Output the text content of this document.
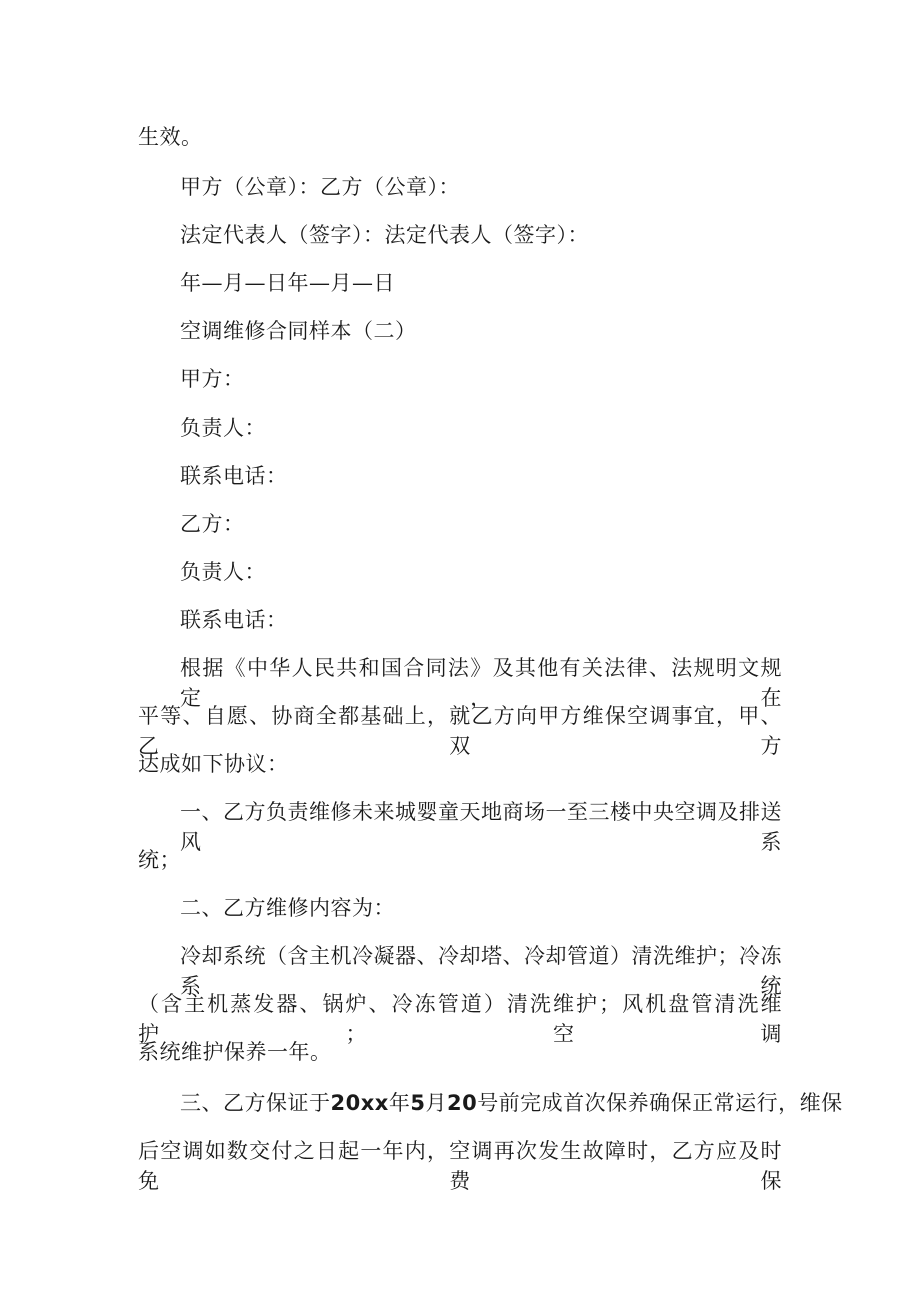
生效。
甲方（公章）：乙方（公章）：
法定代表人（签字）：法定代表人（签字）：
年—月—日年—月—日
空调维修合同样本（二）
甲方：
负责人：
联系电话：
乙方：
负责人：
联系电话：
根据《中华人民共和国合同法》及其他有关法律、法规明文规定，在
平等、自愿、协商全都基础上，就乙方向甲方维保空调事宜，甲、乙双方
达成如下协议：
一、乙方负责维修未来城婴童天地商场一至三楼中央空调及排送风系
统；
二、乙方维修内容为：
冷却系统（含主机冷凝器、冷却塔、冷却管道）清洗维护；冷冻系统
（含主机蒸发器、锅炉、冷冻管道）清洗维护；风机盘管清洗维护；空调
系统维护保养一年。
三、乙方保证于20xx年5月20号前完成首次保养确保正常运行，维保
后空调如数交付之日起一年内，空调再次发生故障时，乙方应及时免费保
